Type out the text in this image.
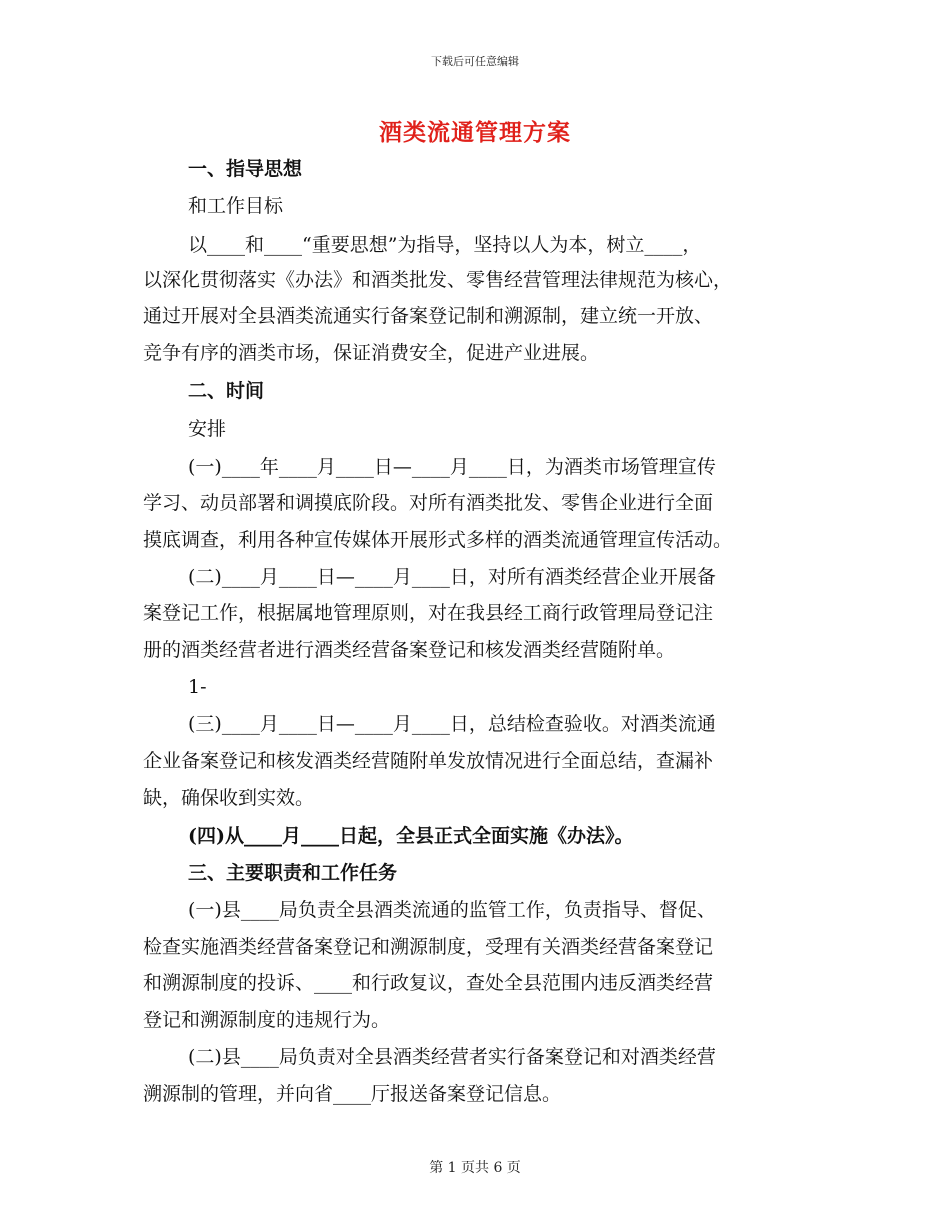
下载后可任意编辑
酒类流通管理方案
一、指导思想
和工作目标
以____和____“重要思想”为指导，坚持以人为本，树立____，
以深化贯彻落实《办法》和酒类批发、零售经营管理法律规范为核心，
通过开展对全县酒类流通实行备案登记制和溯源制，建立统一开放、
竞争有序的酒类市场，保证消费安全，促进产业进展。
二、时间
安排
(一)____年____月____日—____月____日，为酒类市场管理宣传
学习、动员部署和调摸底阶段。对所有酒类批发、零售企业进行全面
摸底调查，利用各种宣传媒体开展形式多样的酒类流通管理宣传活动。
(二)____月____日—____月____日，对所有酒类经营企业开展备
案登记工作，根据属地管理原则，对在我县经工商行政管理局登记注
册的酒类经营者进行酒类经营备案登记和核发酒类经营随附单。
1-
(三)____月____日—____月____日，总结检查验收。对酒类流通
企业备案登记和核发酒类经营随附单发放情况进行全面总结，查漏补
缺，确保收到实效。
(四)从____月____日起，全县正式全面实施《办法》。
三、主要职责和工作任务
(一)县____局负责全县酒类流通的监管工作，负责指导、督促、
检查实施酒类经营备案登记和溯源制度，受理有关酒类经营备案登记
和溯源制度的投诉、____和行政复议，查处全县范围内违反酒类经营
登记和溯源制度的违规行为。
(二)县____局负责对全县酒类经营者实行备案登记和对酒类经营
溯源制的管理，并向省____厅报送备案登记信息。
第 1 页共 6 页
